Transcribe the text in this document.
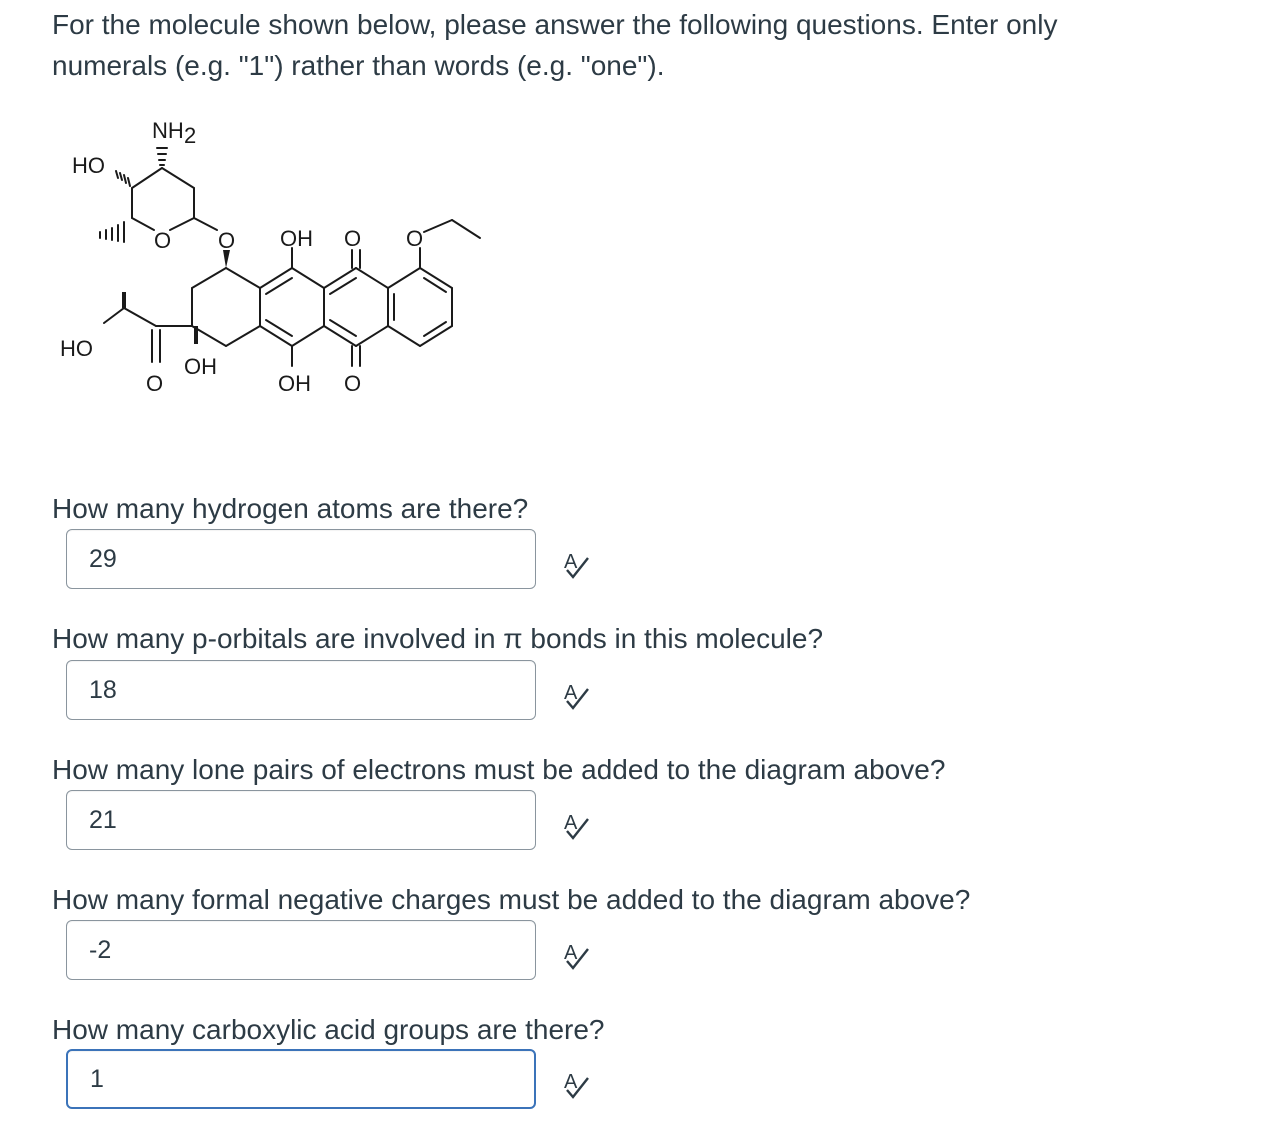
For the molecule shown below, please answer the following questions. Enter only numerals (e.g. "1") rather than words (e.g. "one").

NH 2
HO
O O OH O O
HO
OH
O	OH O

How many hydrogen atoms are there?

29
A

How many p-orbitals are involved in π bonds in this molecule?

18
A

How many lone pairs of electrons must be added to the diagram above?

21
A

How many formal negative charges must be added to the diagram above?

-2
A

How many carboxylic acid groups are there?

1
A
